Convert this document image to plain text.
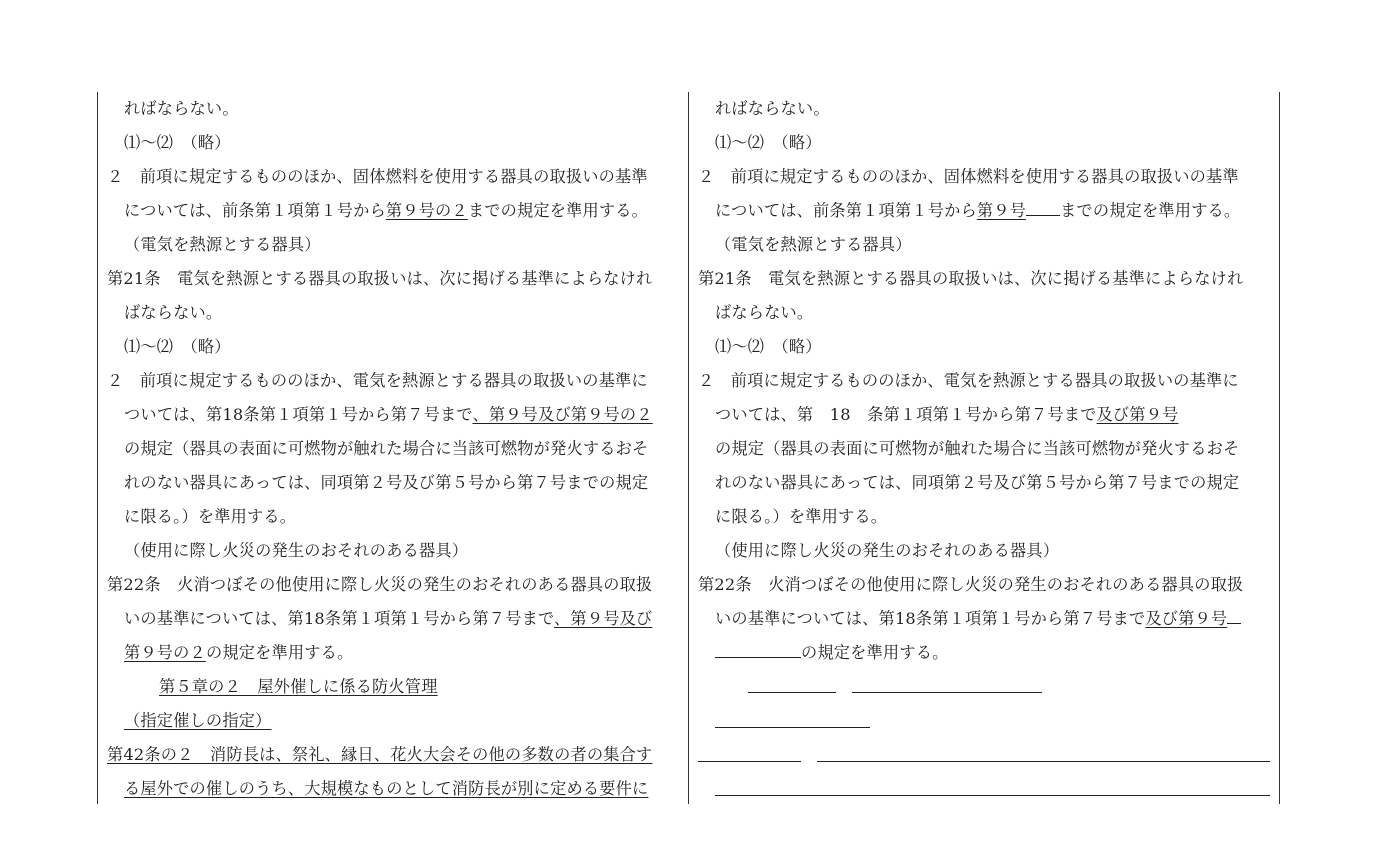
ればならない。
⑴～⑵　（略）
２　前項に規定するもののほか、固体燃料を使用する器具の取扱いの基準
については、前条第１項第１号から第９号の２までの規定を準用する。
（電気を熱源とする器具）
第21条　電気を熱源とする器具の取扱いは、次に掲げる基準によらなけれ
ばならない。
⑴～⑵　（略）
２　前項に規定するもののほか、電気を熱源とする器具の取扱いの基準に
ついては、第18条第１項第１号から第７号まで、第９号及び第９号の２
の規定（器具の表面に可燃物が触れた場合に当該可燃物が発火するおそ
れのない器具にあっては、同項第２号及び第５号から第７号までの規定
に限る。）を準用する。
（使用に際し火災の発生のおそれのある器具）
第22条　火消つぼその他使用に際し火災の発生のおそれのある器具の取扱
いの基準については、第18条第１項第１号から第７号まで、第９号及び
第９号の２の規定を準用する。
第５章の２　屋外催しに係る防火管理
（指定催しの指定）
第42条の２　消防長は、祭礼、縁日、花火大会その他の多数の者の集合す
る屋外での催しのうち、大規模なものとして消防長が別に定める要件に
ればならない。
⑴～⑵　（略）
２　前項に規定するもののほか、固体燃料を使用する器具の取扱いの基準
については、前条第１項第１号から第９号 までの規定を準用する。
（電気を熱源とする器具）
第21条　電気を熱源とする器具の取扱いは、次に掲げる基準によらなけれ
ばならない。
⑴～⑵　（略）
２　前項に規定するもののほか、電気を熱源とする器具の取扱いの基準に
ついては、第　18　条第１項第１号から第７号まで及び第９号
の規定（器具の表面に可燃物が触れた場合に当該可燃物が発火するおそ
れのない器具にあっては、同項第２号及び第５号から第７号までの規定
に限る。）を準用する。
（使用に際し火災の発生のおそれのある器具）
第22条　火消つぼその他使用に際し火災の発生のおそれのある器具の取扱
いの基準については、第18条第１項第１号から第７号まで及び第９号
の規定を準用する。
